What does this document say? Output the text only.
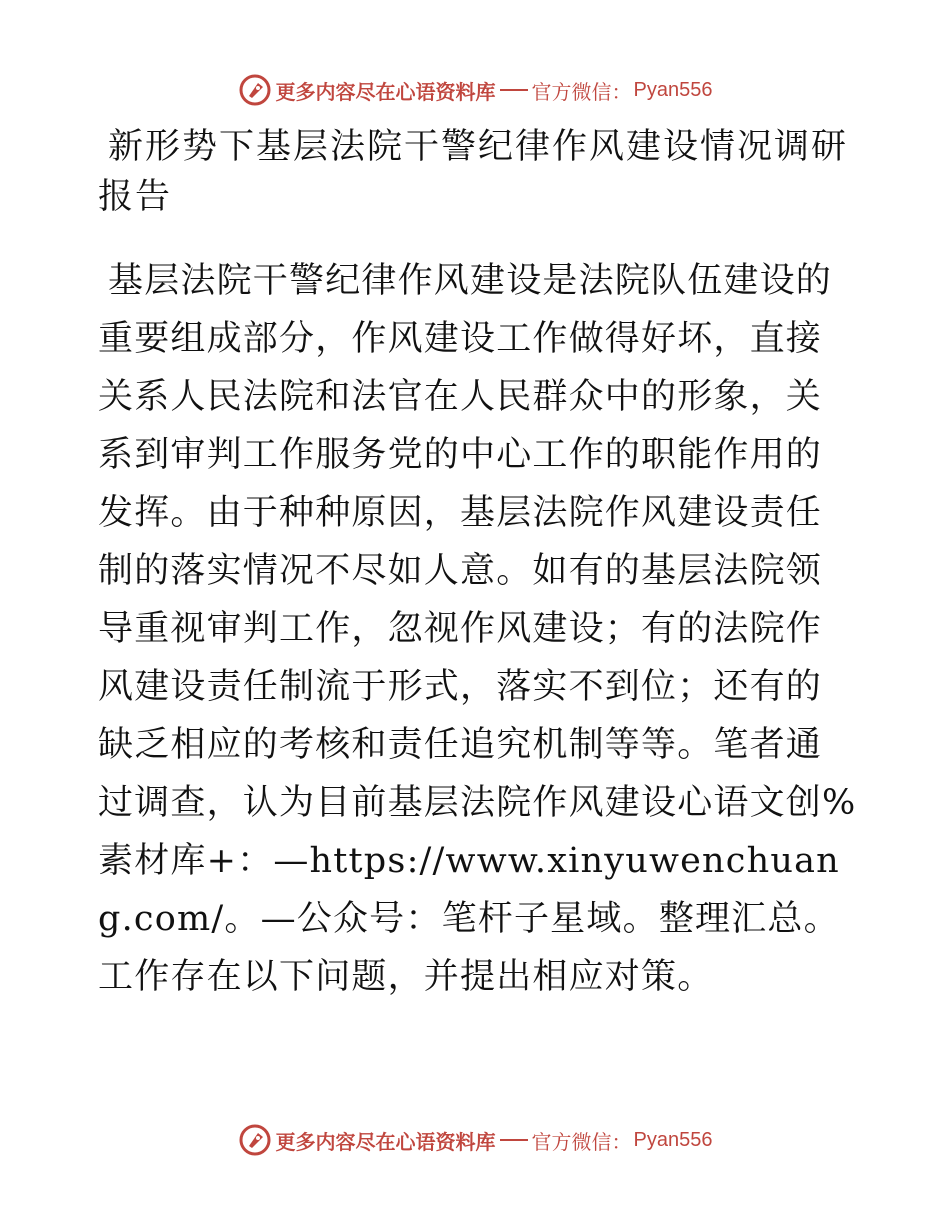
更多内容尽在心语资料库 官方微信： Pyan556
新形势下基层法院干警纪律作风建设情况调研报告

基层法院干警纪律作风建设是法院队伍建设的重要组成部分，作风建设工作做得好坏，直接关系人民法院和法官在人民群众中的形象，关系到审判工作服务党的中心工作的职能作用的发挥。由于种种原因，基层法院作风建设责任制的落实情况不尽如人意。如有的基层法院领导重视审判工作，忽视作风建设；有的法院作风建设责任制流于形式，落实不到位；还有的缺乏相应的考核和责任追究机制等等。笔者通过调查，认为目前基层法院作风建设心语文创%素材库+：—https://www.xinyuwenchuang.com/。—公众号：笔杆子星域。整理汇总。工作存在以下问题，并提出相应对策。

更多内容尽在心语资料库 官方微信： Pyan556
